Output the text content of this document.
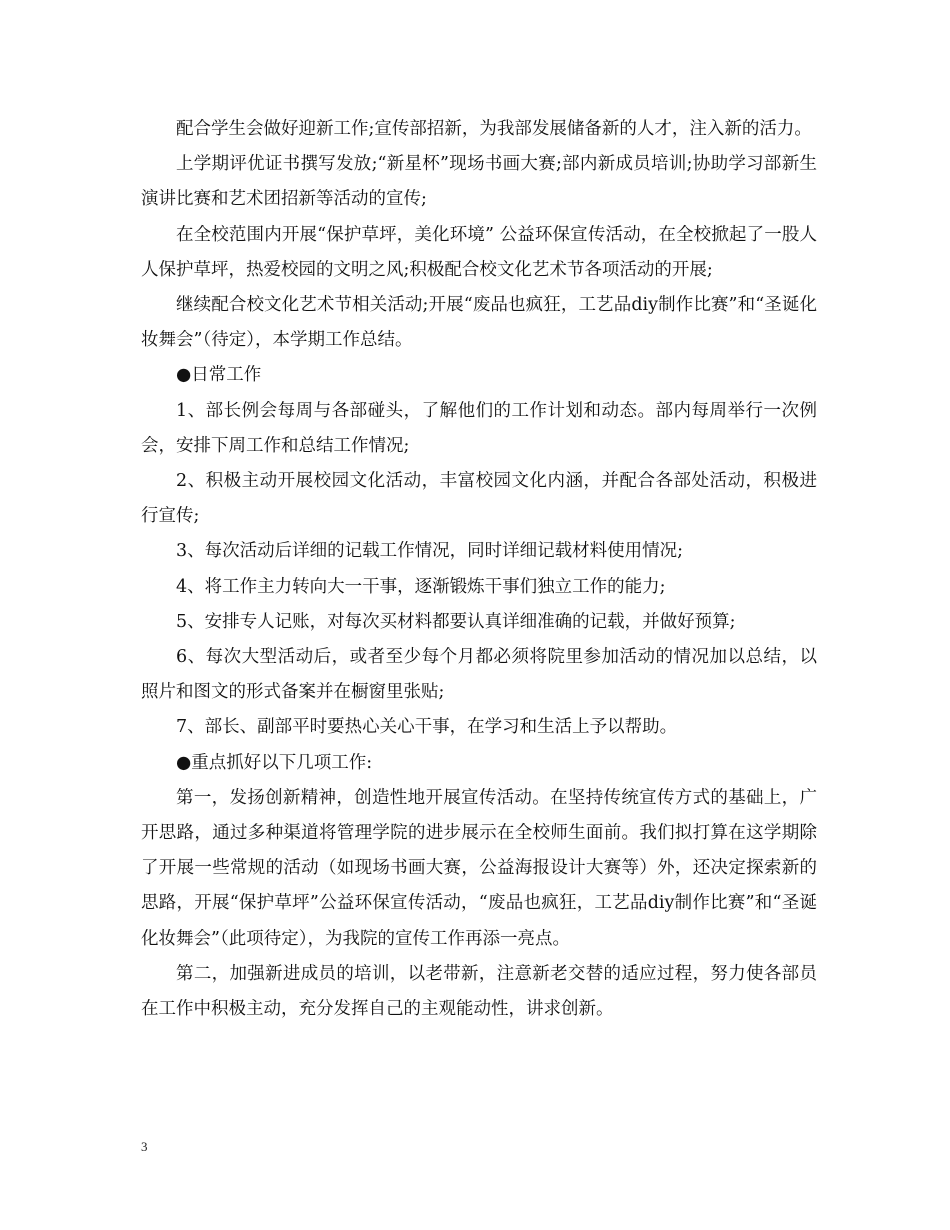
配合学生会做好迎新工作;宣传部招新，为我部发展储备新的人才，注入新的活力。

上学期评优证书撰写发放;“新星杯”现场书画大赛;部内新成员培训;协助学习部新生演讲比赛和艺术团招新等活动的宣传;

在全校范围内开展“保护草坪，美化环境” 公益环保宣传活动，在全校掀起了一股人人保护草坪，热爱校园的文明之风;积极配合校文化艺术节各项活动的开展;

继续配合校文化艺术节相关活动;开展“废品也疯狂，工艺品diy制作比赛”和“圣诞化妆舞会”（待定），本学期工作总结。

●日常工作

1、部长例会每周与各部碰头，了解他们的工作计划和动态。部内每周举行一次例会，安排下周工作和总结工作情况;

2、积极主动开展校园文化活动，丰富校园文化内涵，并配合各部处活动，积极进行宣传;

3、每次活动后详细的记载工作情况，同时详细记载材料使用情况;

4、将工作主力转向大一干事，逐渐锻炼干事们独立工作的能力;

5、安排专人记账，对每次买材料都要认真详细准确的记载，并做好预算;

6、每次大型活动后，或者至少每个月都必须将院里参加活动的情况加以总结，以照片和图文的形式备案并在橱窗里张贴;

7、部长、副部平时要热心关心干事，在学习和生活上予以帮助。

●重点抓好以下几项工作:

第一，发扬创新精神，创造性地开展宣传活动。在坚持传统宣传方式的基础上，广开思路，通过多种渠道将管理学院的进步展示在全校师生面前。我们拟打算在这学期除了开展一些常规的活动（如现场书画大赛，公益海报设计大赛等）外，还决定探索新的思路，开展“保护草坪”公益环保宣传活动，“废品也疯狂，工艺品diy制作比赛”和“圣诞化妆舞会”（此项待定），为我院的宣传工作再添一亮点。

第二，加强新进成员的培训，以老带新，注意新老交替的适应过程，努力使各部员在工作中积极主动，充分发挥自己的主观能动性，讲求创新。

3
